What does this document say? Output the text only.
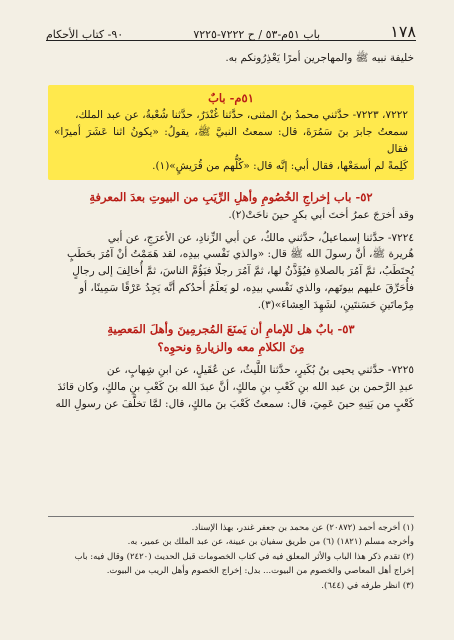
١٧٨
باب ٥١م-٥٣ / ح ٧٢٢٢-٧٢٢٥
٩٠- كتاب الأحكام

خليفة نبيه ﷺ والمهاجرين أمرًا يَعْذِرُونكم به.

٥١م- بابٌ

٧٢٢٢، ٧٢٢٣- حدَّثني محمدُ بنُ المثنى، حدَّثنا غُنْدَرٌ، حدَّثنا شُعْبةُ، عن عبد الملك،

سمعتُ جابرَ بنَ سَمُرَةَ، قال: سمعتُ النبيَّ ﷺ، يقولُ: «يكونُ اثنا عَشَرَ أميرًا» فقال

كَلِمةً لم أسمَعْها، فقال أبي: إنَّه قال: «كُلُّهم من قُرَيشٍ»(١).

٥٢- باب إخراجِ الخُصُومِ وأهلِ الرِّيَبِ من البيوتِ بعدَ المعرفةِ

وقد أخرَجَ عمرُ أختَ أبي بكرٍ حينَ ناحَتْ(٢).

٧٢٢٤- حدَّثنا إسماعيلُ، حدَّثني مالكٌ، عن أبي الزِّنادِ، عن الأعرَجِ، عن أبي

هُريرة ﷺ، أنَّ رسولَ الله ﷺ قال: «والذي نَفْسي بيدِه، لقد هَمَمْتُ أنْ آمُرَ بحَطَبٍ

يُحتَطَبُ، ثمَّ آمُرَ بالصلاةِ فيُؤَذَّنُ لها، ثمَّ آمُرَ رجلًا فيَؤُمَّ الناسَ، ثمَّ أُخالِفَ إلى رجالٍ

فأُحَرِّقَ عليهم بيوتَهم، والذي نَفْسي بيدِه، لو يَعلَمُ أحدُكم أنَّه يَجِدُ عَرْقًا سَمِينًا، أو

مِرْماتَينِ حَسَنتَينِ، لشَهِدَ العِشاءَ»(٣).

٥٣- بابٌ هل للإمامِ أن يَمنَعَ المُجرمِينَ وأهلَ المَعصِيةِ

مِنَ الكلامِ معه والزيارةِ ونحوِه؟

٧٢٢٥- حدَّثني يحيى بنُ بُكَيرٍ، حدَّثنا اللَّيثُ، عن عُقَيلٍ، عن ابنِ شِهابٍ، عن

عبدِ الرَّحمن بن عبد الله بنِ كَعْبِ بنِ مالكٍ، أنَّ عبدَ الله بنَ كَعْبِ بنِ مالكٍ، وكان قائدَ

كَعْبٍ من بَنِيهِ حينَ عَمِيَ، قال: سمعتُ كَعْبَ بنَ مالكٍ، قال: لمَّا تخلَّفَ عن رسولِ الله

(١) أخرجه أحمد (٢٠٨٧٢) عن محمد بن جعفر غندر، بهذا الإسناد.

وأخرجه مسلم (١٨٢١) (٦) من طريق سفيان بن عيينة، عن عبد الملك بن عمير، به.

(٢) تقدم ذكر هذا الباب والأثر المعلق فيه في كتاب الخصومات قبل الحديث (٢٤٢٠) وقال فيه: باب

إخراج أهل المعاصي والخصوم من البيوت... بدل: إخراج الخصوم وأهل الريب من البيوت.

(٣) انظر طرفه في (٦٤٤).
